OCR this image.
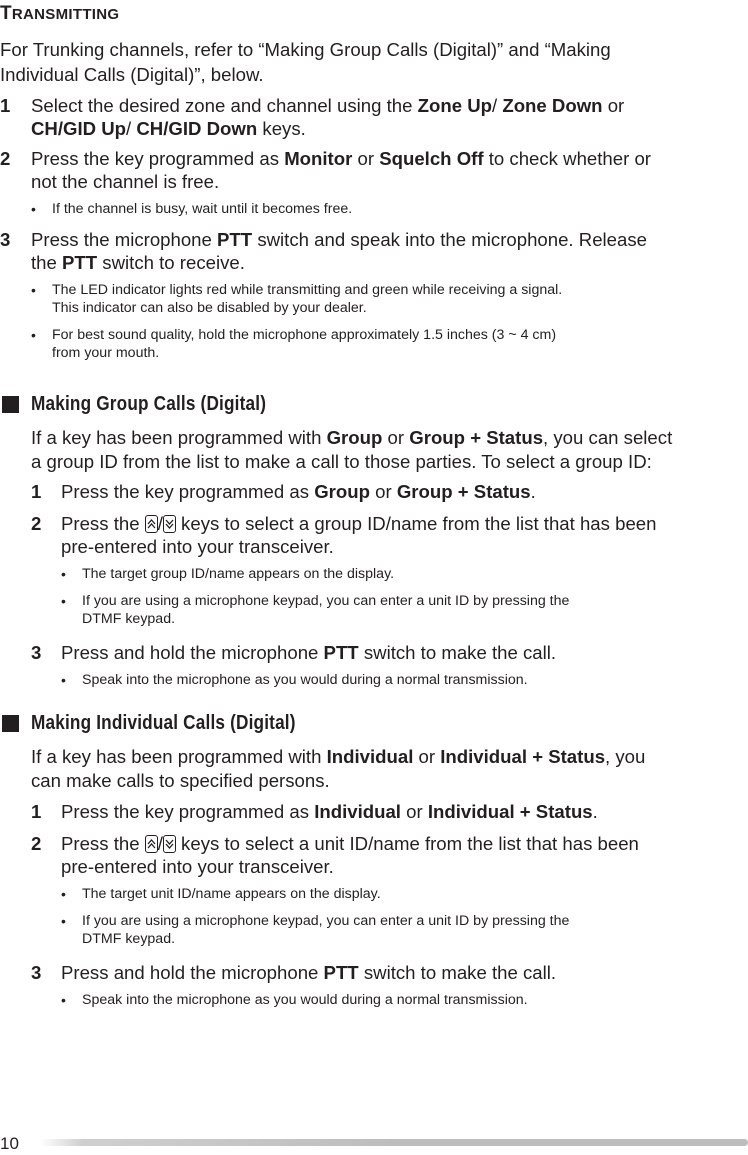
TRANSMITTING
For Trunking channels, refer to “Making Group Calls (Digital)” and “Making
Individual Calls (Digital)”, below.
1 Select the desired zone and channel using the Zone Up/ Zone Down or
CH/GID Up/ CH/GID Down keys.
2 Press the key programmed as Monitor or Squelch Off to check whether or
not the channel is free.
• If the channel is busy, wait until it becomes free.
3 Press the microphone PTT switch and speak into the microphone. Release
the PTT switch to receive.
• The LED indicator lights red while transmitting and green while receiving a signal.
This indicator can also be disabled by your dealer.
• For best sound quality, hold the microphone approximately 1.5 inches (3 ~ 4 cm)
from your mouth.
Making Group Calls (Digital)
If a key has been programmed with Group or Group + Status, you can select
a group ID from the list to make a call to those parties. To select a group ID:
1 Press the key programmed as Group or Group + Status.
2 Press the
/
keys to select a group ID/name from the list that has been
pre-entered into your transceiver.
• The target group ID/name appears on the display.
• If you are using a microphone keypad, you can enter a unit ID by pressing the
DTMF keypad.
3 Press and hold the microphone PTT switch to make the call.
• Speak into the microphone as you would during a normal transmission.
Making Individual Calls (Digital)
If a key has been programmed with Individual or Individual + Status, you
can make calls to specified persons.
1 Press the key programmed as Individual or Individual + Status.
2 Press the
/
keys to select a unit ID/name from the list that has been
pre-entered into your transceiver.
• The target unit ID/name appears on the display.
• If you are using a microphone keypad, you can enter a unit ID by pressing the
DTMF keypad.
3 Press and hold the microphone PTT switch to make the call.
• Speak into the microphone as you would during a normal transmission.
10
